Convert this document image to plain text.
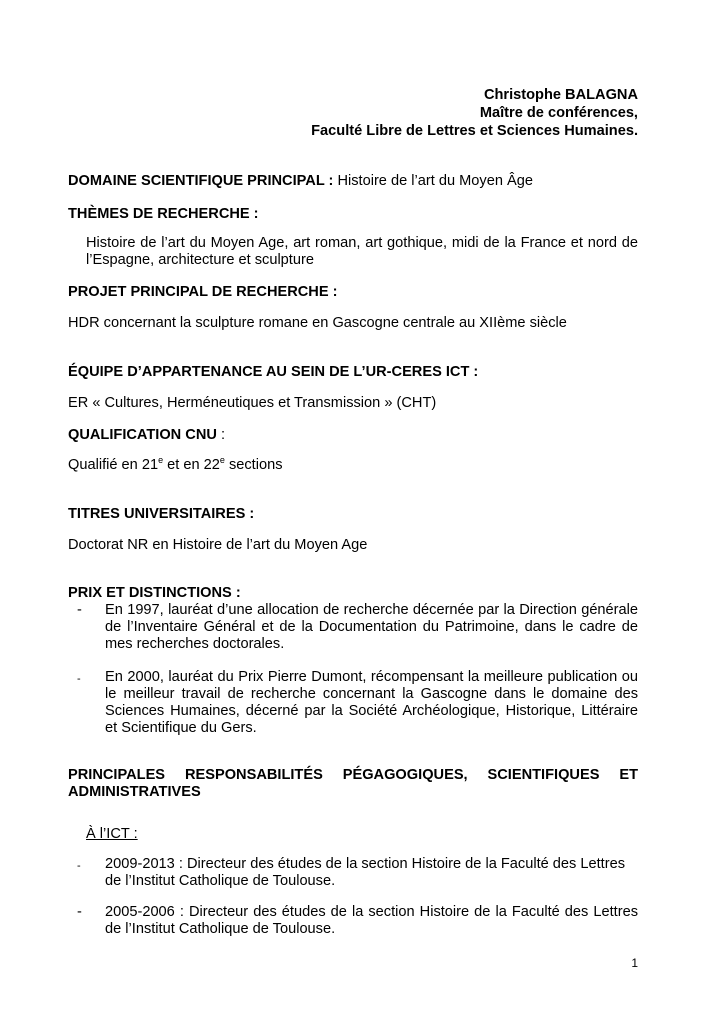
Christophe BALAGNA
Maître de conférences,
Faculté Libre de Lettres et Sciences Humaines.
DOMAINE SCIENTIFIQUE PRINCIPAL : Histoire de l’art du Moyen Âge
THÈMES DE RECHERCHE :
Histoire de l’art du Moyen Age, art roman, art gothique, midi de la France et nord de l’Espagne, architecture et sculpture
PROJET PRINCIPAL DE RECHERCHE :
HDR concernant la sculpture romane en Gascogne centrale au XIIème siècle
ÉQUIPE D’APPARTENANCE AU SEIN DE L’UR-CERES ICT :
ER « Cultures, Herméneutiques et Transmission » (CHT)
QUALIFICATION CNU :
Qualifié en 21e et en 22e sections
TITRES UNIVERSITAIRES :
Doctorat NR en Histoire de l’art du Moyen Age
PRIX ET DISTINCTIONS :
- En 1997, lauréat d’une allocation de recherche décernée par la Direction générale de l’Inventaire Général et de la Documentation du Patrimoine, dans le cadre de mes recherches doctorales.
- En 2000, lauréat du Prix Pierre Dumont, récompensant la meilleure publication ou le meilleur travail de recherche concernant la Gascogne dans le domaine des Sciences Humaines, décerné par la Société Archéologique, Historique, Littéraire et Scientifique du Gers.
PRINCIPALES RESPONSABILITÉS PÉGAGOGIQUES, SCIENTIFIQUES ET
ADMINISTRATIVES
À l’ICT :
- 2009-2013 : Directeur des études de la section Histoire de la Faculté des Lettres de l’Institut Catholique de Toulouse.
- 2005-2006 : Directeur des études de la section Histoire de la Faculté des Lettres de l’Institut Catholique de Toulouse.
1
